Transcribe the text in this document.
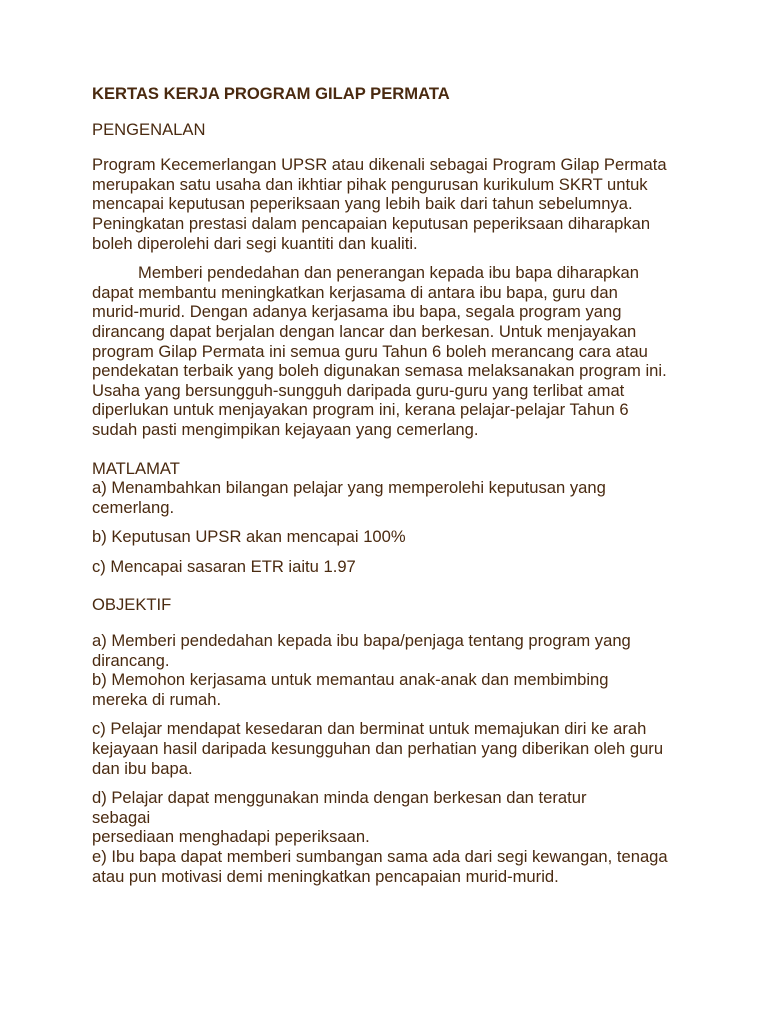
KERTAS KERJA PROGRAM GILAP PERMATA
PENGENALAN

Program Kecemerlangan UPSR atau dikenali sebagai Program Gilap Permata merupakan satu usaha dan ikhtiar pihak pengurusan kurikulum SKRT untuk mencapai keputusan peperiksaan yang lebih baik dari tahun sebelumnya. Peningkatan prestasi dalam pencapaian keputusan peperiksaan diharapkan boleh diperolehi dari segi kuantiti dan kualiti.

Memberi pendedahan dan penerangan kepada ibu bapa diharapkan dapat membantu meningkatkan kerjasama di antara ibu bapa, guru dan murid-murid. Dengan adanya kerjasama ibu bapa, segala program yang dirancang dapat berjalan dengan lancar dan berkesan. Untuk menjayakan program Gilap Permata ini semua guru Tahun 6 boleh merancang cara atau pendekatan terbaik yang boleh digunakan semasa melaksanakan program ini. Usaha yang bersungguh-sungguh daripada guru-guru yang terlibat amat diperlukan untuk menjayakan program ini, kerana pelajar-pelajar Tahun 6 sudah pasti mengimpikan kejayaan yang cemerlang.

MATLAMAT
a) Menambahkan bilangan pelajar yang memperolehi keputusan yang cemerlang.
b) Keputusan UPSR akan mencapai 100%
c) Mencapai sasaran ETR iaitu 1.97
OBJEKTIF
a) Memberi pendedahan kepada ibu bapa/penjaga tentang program yang dirancang.
b) Memohon kerjasama untuk memantau anak-anak dan membimbing mereka di rumah.
c) Pelajar mendapat kesedaran dan berminat untuk memajukan diri ke arah kejayaan hasil daripada kesungguhan dan perhatian yang diberikan oleh guru dan ibu bapa.
d) Pelajar dapat menggunakan minda dengan berkesan dan teratur sebagai
persediaan menghadapi peperiksaan.
e) Ibu bapa dapat memberi sumbangan sama ada dari segi kewangan, tenaga atau pun motivasi demi meningkatkan pencapaian murid-murid.
